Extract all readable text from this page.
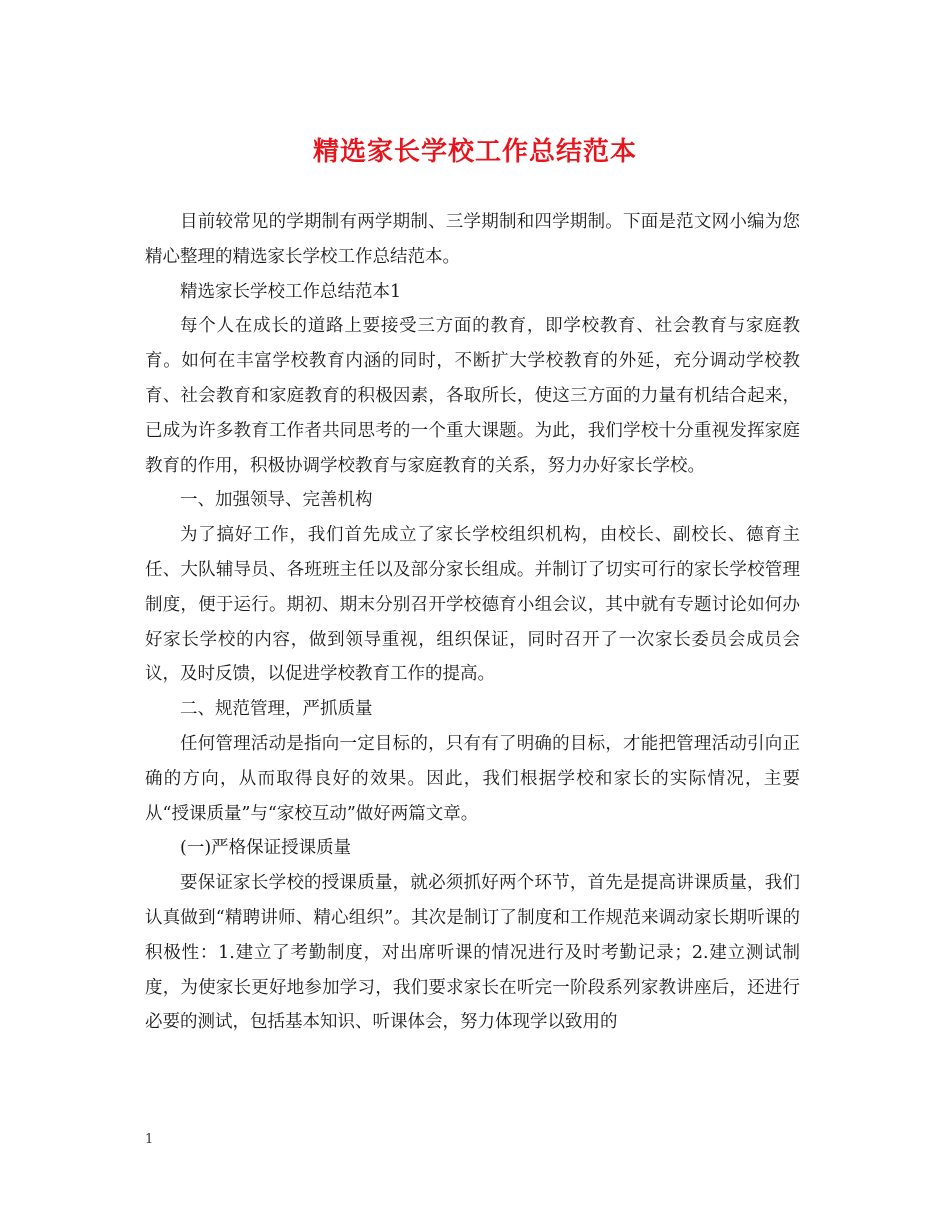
精选家长学校工作总结范本

目前较常见的学期制有两学期制、三学期制和四学期制。下面是范文网小编为您精心整理的精选家长学校工作总结范本。

精选家长学校工作总结范本1

每个人在成长的道路上要接受三方面的教育，即学校教育、社会教育与家庭教育。如何在丰富学校教育内涵的同时，不断扩大学校教育的外延，充分调动学校教育、社会教育和家庭教育的积极因素，各取所长，使这三方面的力量有机结合起来，已成为许多教育工作者共同思考的一个重大课题。为此，我们学校十分重视发挥家庭教育的作用，积极协调学校教育与家庭教育的关系，努力办好家长学校。

一、加强领导、完善机构

为了搞好工作，我们首先成立了家长学校组织机构，由校长、副校长、德育主任、大队辅导员、各班班主任以及部分家长组成。并制订了切实可行的家长学校管理制度，便于运行。期初、期末分别召开学校德育小组会议，其中就有专题讨论如何办好家长学校的内容，做到领导重视，组织保证，同时召开了一次家长委员会成员会议，及时反馈，以促进学校教育工作的提高。

二、规范管理，严抓质量

任何管理活动是指向一定目标的，只有有了明确的目标，才能把管理活动引向正确的方向，从而取得良好的效果。因此，我们根据学校和家长的实际情况，主要从“授课质量”与“家校互动”做好两篇文章。

(一)严格保证授课质量

要保证家长学校的授课质量，就必须抓好两个环节，首先是提高讲课质量，我们认真做到“精聘讲师、精心组织”。其次是制订了制度和工作规范来调动家长期听课的积极性：1.建立了考勤制度，对出席听课的情况进行及时考勤记录；2.建立测试制度，为使家长更好地参加学习，我们要求家长在听完一阶段系列家教讲座后，还进行必要的测试，包括基本知识、听课体会，努力体现学以致用的

1
